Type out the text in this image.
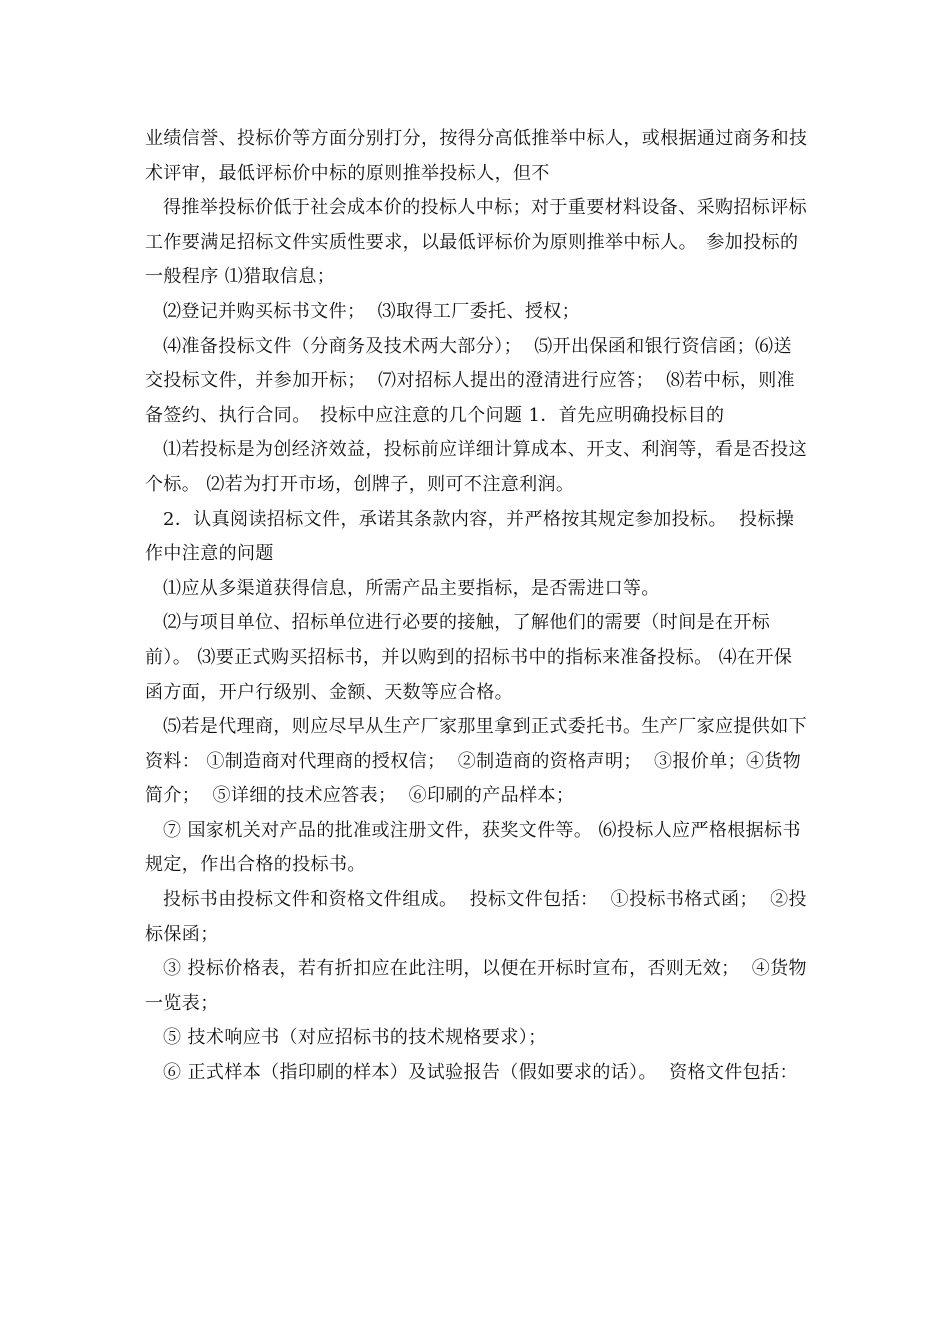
业绩信誉、投标价等方面分别打分，按得分高低推举中标人，或根据通过商务和技术评审，最低评标价中标的原则推举投标人，但不

得推举投标价低于社会成本价的投标人中标；对于重要材料设备、采购招标评标工作要满足招标文件实质性要求，以最低评标价为原则推举中标人。　参加投标的一般程序 ⑴猎取信息；

⑵登记并购买标书文件；  ⑶取得工厂委托、授权；

⑷准备投标文件（分商务及技术两大部分）；  ⑸开出保函和银行资信函；⑹送交投标文件，并参加开标；  ⑺对招标人提出的澄清进行应答；  ⑻若中标，则准备签约、执行合同。　投标中应注意的几个问题 1．首先应明确投标目的

⑴若投标是为创经济效益，投标前应详细计算成本、开支、利润等，看是否投这个标。 ⑵若为打开市场，创牌子，则可不注意利润。

2．认真阅读招标文件，承诺其条款内容，并严格按其规定参加投标。  投标操作中注意的问题

⑴应从多渠道获得信息，所需产品主要指标，是否需进口等。

⑵与项目单位、招标单位进行必要的接触，了解他们的需要（时间是在开标前）。 ⑶要正式购买招标书，并以购到的招标书中的指标来准备投标。 ⑷在开保函方面，开户行级别、金额、天数等应合格。

⑸若是代理商，则应尽早从生产厂家那里拿到正式委托书。生产厂家应提供如下资料： ①制造商对代理商的授权信；  ②制造商的资格声明；  ③报价单；④货物简介；  ⑤详细的技术应答表；  ⑥印刷的产品样本；

⑦ 国家机关对产品的批准或注册文件，获奖文件等。 ⑹投标人应严格根据标书规定，作出合格的投标书。

投标书由投标文件和资格文件组成。  投标文件包括：  ①投标书格式函；  ②投标保函；

③ 投标价格表，若有折扣应在此注明，以便在开标时宣布，否则无效；  ④货物一览表；

⑤ 技术响应书（对应招标书的技术规格要求）；

⑥ 正式样本（指印刷的样本）及试验报告（假如要求的话）。  资格文件包括：
